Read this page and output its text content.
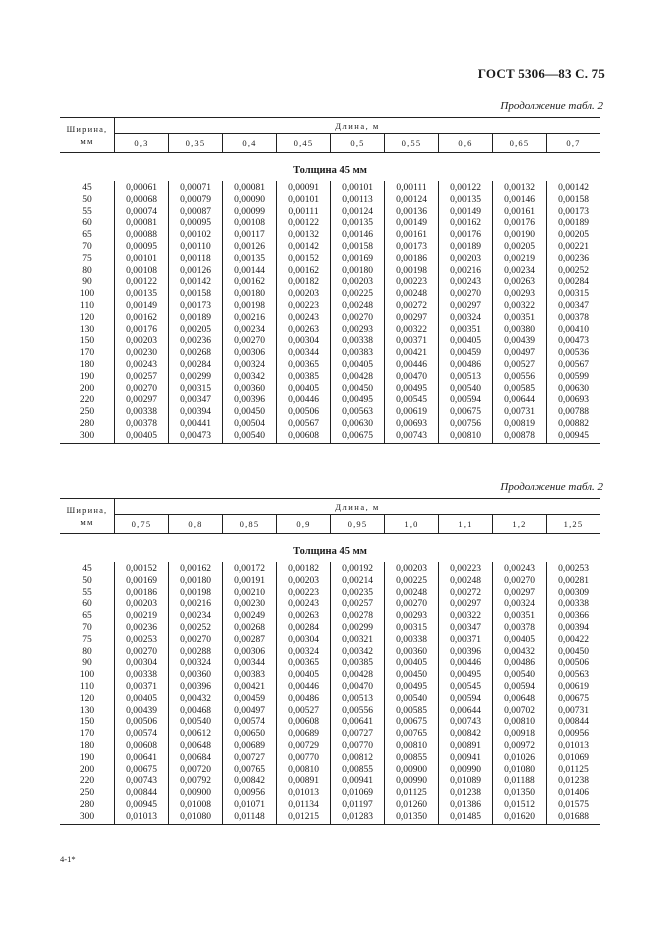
ГОСТ 5306—83 С. 75
Продолжение табл. 2
Продолжение табл. 2
Ширина,
мм	Длина, м								
	0,3	0,35	0,4	0,45	0,5	0,55	0,6	0,65	0,7
Толщина 45 мм									
45	0,00061	0,00071	0,00081	0,00091	0,00101	0,00111	0,00122	0,00132	0,00142
50	0,00068	0,00079	0,00090	0,00101	0,00113	0,00124	0,00135	0,00146	0,00158
55	0,00074	0,00087	0,00099	0,00111	0,00124	0,00136	0,00149	0,00161	0,00173
60	0,00081	0,00095	0,00108	0,00122	0,00135	0,00149	0,00162	0,00176	0,00189
65	0,00088	0,00102	0,00117	0,00132	0,00146	0,00161	0,00176	0,00190	0,00205
70	0,00095	0,00110	0,00126	0,00142	0,00158	0,00173	0,00189	0,00205	0,00221
75	0,00101	0,00118	0,00135	0,00152	0,00169	0,00186	0,00203	0,00219	0,00236
80	0,00108	0,00126	0,00144	0,00162	0,00180	0,00198	0,00216	0,00234	0,00252
90	0,00122	0,00142	0,00162	0,00182	0,00203	0,00223	0,00243	0,00263	0,00284
100	0,00135	0,00158	0,00180	0,00203	0,00225	0,00248	0,00270	0,00293	0,00315
110	0,00149	0,00173	0,00198	0,00223	0,00248	0,00272	0,00297	0,00322	0,00347
120	0,00162	0,00189	0,00216	0,00243	0,00270	0,00297	0,00324	0,00351	0,00378
130	0,00176	0,00205	0,00234	0,00263	0,00293	0,00322	0,00351	0,00380	0,00410
150	0,00203	0,00236	0,00270	0,00304	0,00338	0,00371	0,00405	0,00439	0,00473
170	0,00230	0,00268	0,00306	0,00344	0,00383	0,00421	0,00459	0,00497	0,00536
180	0,00243	0,00284	0,00324	0,00365	0,00405	0,00446	0,00486	0,00527	0,00567
190	0,00257	0,00299	0,00342	0,00385	0,00428	0,00470	0,00513	0,00556	0,00599
200	0,00270	0,00315	0,00360	0,00405	0,00450	0,00495	0,00540	0,00585	0,00630
220	0,00297	0,00347	0,00396	0,00446	0,00495	0,00545	0,00594	0,00644	0,00693
250	0,00338	0,00394	0,00450	0,00506	0,00563	0,00619	0,00675	0,00731	0,00788
280	0,00378	0,00441	0,00504	0,00567	0,00630	0,00693	0,00756	0,00819	0,00882
300	0,00405	0,00473	0,00540	0,00608	0,00675	0,00743	0,00810	0,00878	0,00945
Ширина,
мм	Длина, м								
	0,75	0,8	0,85	0,9	0,95	1,0	1,1	1,2	1,25
Толщина 45 мм									
45	0,00152	0,00162	0,00172	0,00182	0,00192	0,00203	0,00223	0,00243	0,00253
50	0,00169	0,00180	0,00191	0,00203	0,00214	0,00225	0,00248	0,00270	0,00281
55	0,00186	0,00198	0,00210	0,00223	0,00235	0,00248	0,00272	0,00297	0,00309
60	0,00203	0,00216	0,00230	0,00243	0,00257	0,00270	0,00297	0,00324	0,00338
65	0,00219	0,00234	0,00249	0,00263	0,00278	0,00293	0,00322	0,00351	0,00366
70	0,00236	0,00252	0,00268	0,00284	0,00299	0,00315	0,00347	0,00378	0,00394
75	0,00253	0,00270	0,00287	0,00304	0,00321	0,00338	0,00371	0,00405	0,00422
80	0,00270	0,00288	0,00306	0,00324	0,00342	0,00360	0,00396	0,00432	0,00450
90	0,00304	0,00324	0,00344	0,00365	0,00385	0,00405	0,00446	0,00486	0,00506
100	0,00338	0,00360	0,00383	0,00405	0,00428	0,00450	0,00495	0,00540	0,00563
110	0,00371	0,00396	0,00421	0,00446	0,00470	0,00495	0,00545	0,00594	0,00619
120	0,00405	0,00432	0,00459	0,00486	0,00513	0,00540	0,00594	0,00648	0,00675
130	0,00439	0,00468	0,00497	0,00527	0,00556	0,00585	0,00644	0,00702	0,00731
150	0,00506	0,00540	0,00574	0,00608	0,00641	0,00675	0,00743	0,00810	0,00844
170	0,00574	0,00612	0,00650	0,00689	0,00727	0,00765	0,00842	0,00918	0,00956
180	0,00608	0,00648	0,00689	0,00729	0,00770	0,00810	0,00891	0,00972	0,01013
190	0,00641	0,00684	0,00727	0,00770	0,00812	0,00855	0,00941	0,01026	0,01069
200	0,00675	0,00720	0,00765	0,00810	0,00855	0,00900	0,00990	0,01080	0,01125
220	0,00743	0,00792	0,00842	0,00891	0,00941	0,00990	0,01089	0,01188	0,01238
250	0,00844	0,00900	0,00956	0,01013	0,01069	0,01125	0,01238	0,01350	0,01406
280	0,00945	0,01008	0,01071	0,01134	0,01197	0,01260	0,01386	0,01512	0,01575
300	0,01013	0,01080	0,01148	0,01215	0,01283	0,01350	0,01485	0,01620	0,01688
4-1*
